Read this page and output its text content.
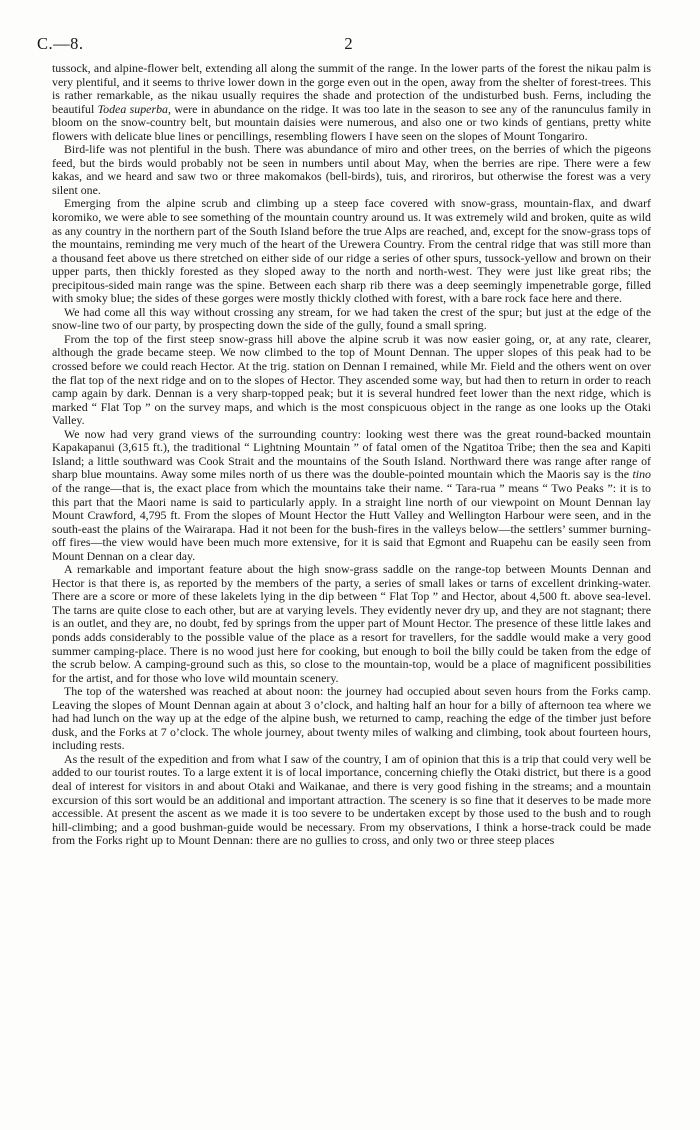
C.—8.	2

tussock, and alpine-flower belt, extending all along the summit of the range. In the lower parts of the forest the nikau palm is very plentiful, and it seems to thrive lower down in the gorge even out in the open, away from the shelter of forest-trees. This is rather remarkable, as the nikau usually requires the shade and protection of the undisturbed bush. Ferns, including the beautiful Todea superba, were in abundance on the ridge. It was too late in the season to see any of the ranunculus family in bloom on the snow-country belt, but mountain daisies were numerous, and also one or two kinds of gentians, pretty white flowers with delicate blue lines or pencillings, resembling flowers I have seen on the slopes of Mount Tongariro.

Bird-life was not plentiful in the bush. There was abundance of miro and other trees, on the berries of which the pigeons feed, but the birds would probably not be seen in numbers until about May, when the berries are ripe. There were a few kakas, and we heard and saw two or three makomakos (bell-birds), tuis, and riroriros, but otherwise the forest was a very silent one.

Emerging from the alpine scrub and climbing up a steep face covered with snow-grass, mountain-flax, and dwarf koromiko, we were able to see something of the mountain country around us. It was extremely wild and broken, quite as wild as any country in the northern part of the South Island before the true Alps are reached, and, except for the snow-grass tops of the mountains, reminding me very much of the heart of the Urewera Country. From the central ridge that was still more than a thousand feet above us there stretched on either side of our ridge a series of other spurs, tussock-yellow and brown on their upper parts, then thickly forested as they sloped away to the north and north-west. They were just like great ribs; the precipitous-sided main range was the spine. Between each sharp rib there was a deep seemingly impenetrable gorge, filled with smoky blue; the sides of these gorges were mostly thickly clothed with forest, with a bare rock face here and there.

We had come all this way without crossing any stream, for we had taken the crest of the spur; but just at the edge of the snow-line two of our party, by prospecting down the side of the gully, found a small spring.

From the top of the first steep snow-grass hill above the alpine scrub it was now easier going, or, at any rate, clearer, although the grade became steep. We now climbed to the top of Mount Dennan. The upper slopes of this peak had to be crossed before we could reach Hector. At the trig. station on Dennan I remained, while Mr. Field and the others went on over the flat top of the next ridge and on to the slopes of Hector. They ascended some way, but had then to return in order to reach camp again by dark. Dennan is a very sharp-topped peak; but it is several hundred feet lower than the next ridge, which is marked “ Flat Top ” on the survey maps, and which is the most conspicuous object in the range as one looks up the Otaki Valley.

We now had very grand views of the surrounding country: looking west there was the great round-backed mountain Kapakapanui (3,615 ft.), the traditional “ Lightning Mountain ” of fatal omen of the Ngatitoa Tribe; then the sea and Kapiti Island; a little southward was Cook Strait and the mountains of the South Island. Northward there was range after range of sharp blue mountains. Away some miles north of us there was the double-pointed mountain which the Maoris say is the tino of the range—that is, the exact place from which the mountains take their name. “ Tara-rua ” means “ Two Peaks ”: it is to this part that the Maori name is said to particularly apply. In a straight line north of our viewpoint on Mount Dennan lay Mount Crawford, 4,795 ft. From the slopes of Mount Hector the Hutt Valley and Wellington Harbour were seen, and in the south-east the plains of the Wairarapa. Had it not been for the bush-fires in the valleys below—the settlers’ summer burning-off fires—the view would have been much more extensive, for it is said that Egmont and Ruapehu can be easily seen from Mount Dennan on a clear day.

A remarkable and important feature about the high snow-grass saddle on the range-top between Mounts Dennan and Hector is that there is, as reported by the members of the party, a series of small lakes or tarns of excellent drinking-water. There are a score or more of these lakelets lying in the dip between “ Flat Top ” and Hector, about 4,500 ft. above sea-level. The tarns are quite close to each other, but are at varying levels. They evidently never dry up, and they are not stagnant; there is an outlet, and they are, no doubt, fed by springs from the upper part of Mount Hector. The presence of these little lakes and ponds adds considerably to the possible value of the place as a resort for travellers, for the saddle would make a very good summer camping-place. There is no wood just here for cooking, but enough to boil the billy could be taken from the edge of the scrub below. A camping-ground such as this, so close to the mountain-top, would be a place of magnificent possibilities for the artist, and for those who love wild mountain scenery.

The top of the watershed was reached at about noon: the journey had occupied about seven hours from the Forks camp. Leaving the slopes of Mount Dennan again at about 3 o’clock, and halting half an hour for a billy of afternoon tea where we had had lunch on the way up at the edge of the alpine bush, we returned to camp, reaching the edge of the timber just before dusk, and the Forks at 7 o’clock. The whole journey, about twenty miles of walking and climbing, took about fourteen hours, including rests.

As the result of the expedition and from what I saw of the country, I am of opinion that this is a trip that could very well be added to our tourist routes. To a large extent it is of local importance, concerning chiefly the Otaki district, but there is a good deal of interest for visitors in and about Otaki and Waikanae, and there is very good fishing in the streams; and a mountain excursion of this sort would be an additional and important attraction. The scenery is so fine that it deserves to be made more accessible. At present the ascent as we made it is too severe to be undertaken except by those used to the bush and to rough hill-climbing; and a good bushman-guide would be necessary. From my observations, I think a horse-track could be made from the Forks right up to Mount Dennan: there are no gullies to cross, and only two or three steep places
